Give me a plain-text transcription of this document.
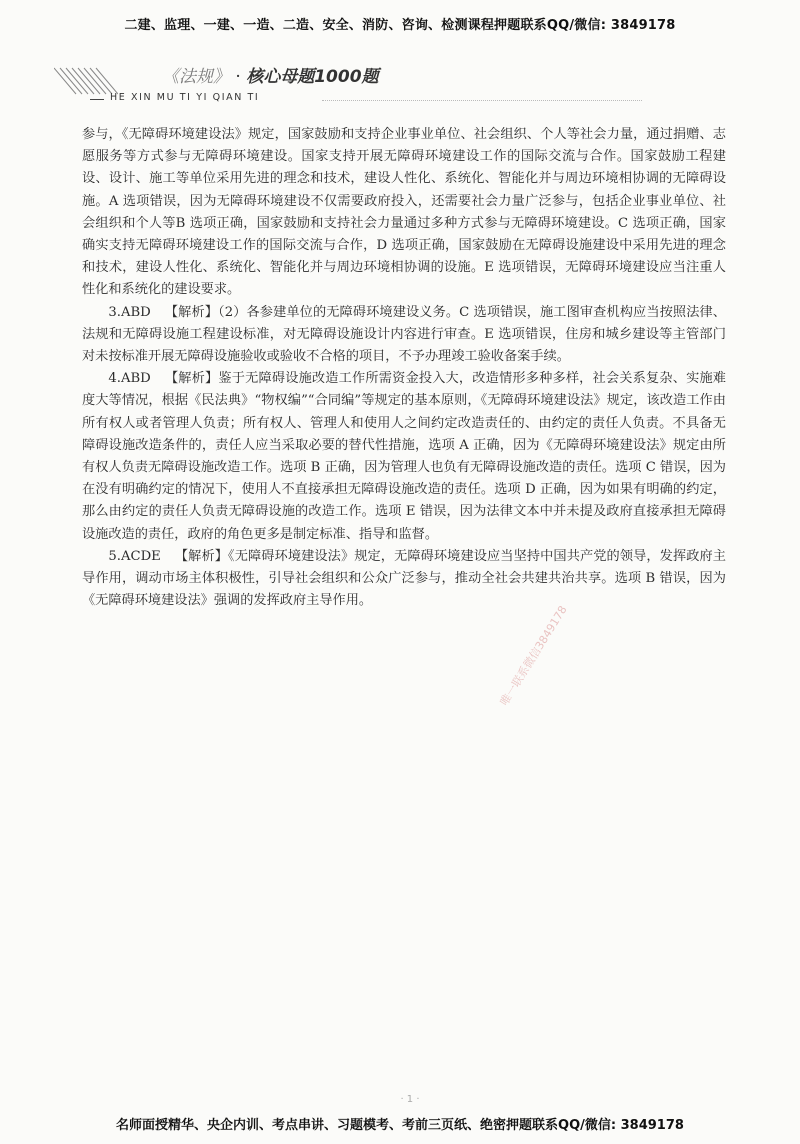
二建、监理、一建、一造、二造、安全、消防、咨询、检测课程押题联系QQ/微信: 3849178
《法规》 · 核心母题1000题
HE XIN MU TI YI QIAN TI

参与，《无障碍环境建设法》规定，国家鼓励和支持企业事业单位、社会组织、个人等社会力量，通过捐赠、志愿服务等方式参与无障碍环境建设。国家支持开展无障碍环境建设工作的国际交流与合作。国家鼓励工程建设、设计、施工等单位采用先进的理念和技术，建设人性化、系统化、智能化并与周边环境相协调的无障碍设施。A 选项错误，因为无障碍环境建设不仅需要政府投入，还需要社会力量广泛参与，包括企业事业单位、社会组织和个人等B 选项正确，国家鼓励和支持社会力量通过多种方式参与无障碍环境建设。C 选项正确，国家确实支持无障碍环境建设工作的国际交流与合作，D 选项正确，国家鼓励在无障碍设施建设中采用先进的理念和技术，建设人性化、系统化、智能化并与周边环境相协调的设施。E 选项错误，无障碍环境建设应当注重人性化和系统化的建设要求。

3.ABD 【解析】（2）各参建单位的无障碍环境建设义务。C 选项错误，施工图审查机构应当按照法律、法规和无障碍设施工程建设标准，对无障碍设施设计内容进行审查。E 选项错误，住房和城乡建设等主管部门对未按标准开展无障碍设施验收或验收不合格的项目，不予办理竣工验收备案手续。

4.ABD 【解析】鉴于无障碍设施改造工作所需资金投入大，改造情形多种多样，社会关系复杂、实施难度大等情况，根据《民法典》“物权编”“合同编”等规定的基本原则，《无障碍环境建设法》规定，该改造工作由所有权人或者管理人负责；所有权人、管理人和使用人之间约定改造责任的、由约定的责任人负责。不具备无障碍设施改造条件的，责任人应当采取必要的替代性措施，选项 A 正确，因为《无障碍环境建设法》规定由所有权人负责无障碍设施改造工作。选项 B 正确，因为管理人也负有无障碍设施改造的责任。选项 C 错误，因为在没有明确约定的情况下，使用人不直接承担无障碍设施改造的责任。选项 D 正确，因为如果有明确的约定，那么由约定的责任人负责无障碍设施的改造工作。选项 E 错误，因为法律文本中并未提及政府直接承担无障碍设施改造的责任，政府的角色更多是制定标准、指导和监督。

5.ACDE 【解析】《无障碍环境建设法》规定，无障碍环境建设应当坚持中国共产党的领导，发挥政府主导作用，调动市场主体积极性，引导社会组织和公众广泛参与，推动全社会共建共治共享。选项 B 错误，因为《无障碍环境建设法》强调的发挥政府主导作用。

唯一联系微信3849178
· 1 ·
名师面授精华、央企内训、考点串讲、习题模考、考前三页纸、绝密押题联系QQ/微信: 3849178
